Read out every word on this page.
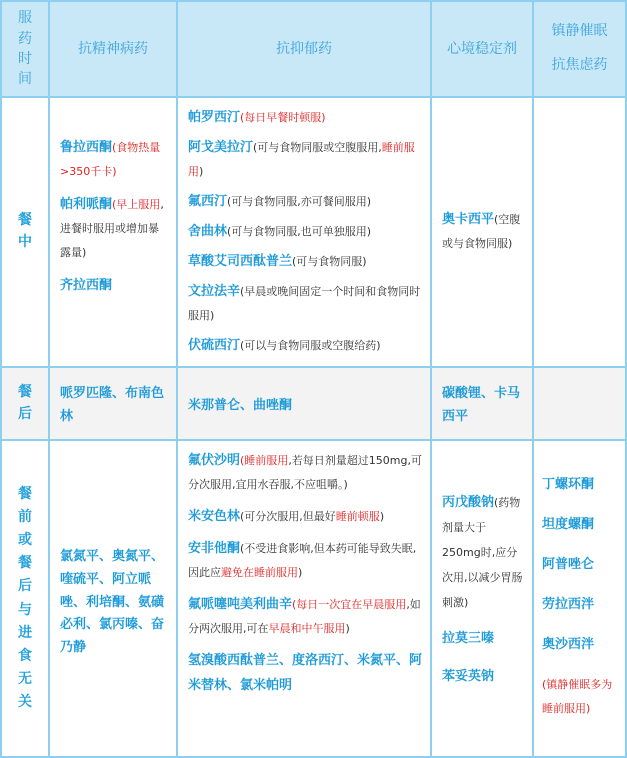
服药时间
抗精神病药	抗抑郁药	心境稳定剂
镇静催眠
抗焦虑药
餐中
鲁拉西酮(食物热量>350千卡)
帕利哌酮(早上服用,进餐时服用或增加暴露量)
齐拉西酮
帕罗西汀(每日早餐时顿服)
阿戈美拉汀(可与食物同服或空腹服用,睡前服用)
氟西汀(可与食物同服,亦可餐间服用)
舍曲林(可与食物同服,也可单独服用)
草酸艾司西酞普兰(可与食物同服)
文拉法辛(早晨或晚间固定一个时间和食物同时服用)
伏硫西汀(可以与食物同服或空腹给药)
奥卡西平(空腹或与食物同服)
餐后
哌罗匹隆、布南色林
米那普仑、曲唑酮
碳酸锂、卡马西平
餐前或餐后与进食无关
氯氮平、奥氮平、喹硫平、阿立哌唑、利培酮、氨磺必利、氯丙嗪、奋乃静
氟伏沙明(睡前服用,若每日剂量超过150mg,可分次服用,宜用水吞服,不应咀嚼。)
米安色林(可分次服用,但最好睡前顿服)
安非他酮(不受进食影响,但本药可能导致失眠,因此应避免在睡前服用)
氟哌噻吨美利曲辛(每日一次宜在早晨服用,如分两次服用,可在早晨和中午服用)
氢溴酸西酞普兰、度洛西汀、米氮平、阿米替林、氯米帕明
丙戊酸钠(药物剂量大于250mg时,应分次用,以减少胃肠刺激)
拉莫三嗪
苯妥英钠
丁螺环酮
坦度螺酮
阿普唑仑
劳拉西泮
奥沙西泮
(镇静催眠多为睡前服用)
